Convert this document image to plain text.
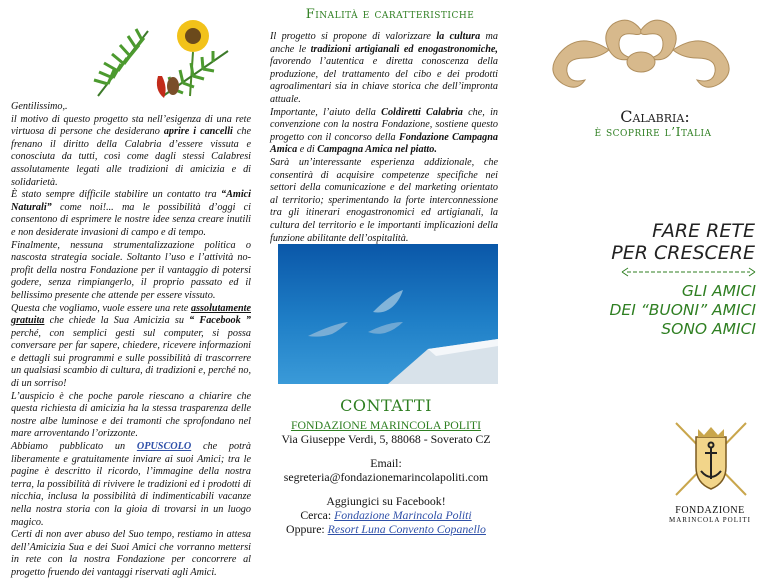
Gentilissimo,.

il motivo di questo progetto sta nell’esigenza di una rete virtuosa di persone che desiderano aprire i cancelli che frenano il diritto della Calabria d’essere vissuta e conosciuta da tutti, così come dagli stessi Calabresi assolutamente legati alle tradizioni di amicizia e di solidarietà.

È stato sempre difficile stabilire un contatto tra “Amici Naturali” come noi!... ma le possibilità d’oggi ci consentono di esprimere le nostre idee senza creare inutili e non desiderate invasioni di campo e di tempo.

Finalmente, nessuna strumentalizzazione politica o nascosta strategia sociale. Soltanto l’uso e l’attività no-profit della nostra Fondazione per il vantaggio di potersi godere, senza rimpiangerlo, il proprio passato ed il bellissimo presente che attende per essere vissuto.

Questa che vogliamo, vuole essere una rete assolutamente gratuita che chiede la Sua Amicizia su “ Facebook ” perché, con semplici gesti sul computer, si possa conversare per far sapere, chiedere, ricevere informazioni e dettagli sui programmi e sulle possibilità di trascorrere un qualsiasi scambio di cultura, di tradizioni e, perché no, di un sorriso!

L’auspicio è che poche parole riescano a chiarire che questa richiesta di amicizia ha la stessa trasparenza delle nostre albe luminose e dei tramonti che sprofondano nel mare arroventando l’orizzonte.

Abbiamo pubblicato un OPUSCOLO che potrà liberamente e gratuitamente inviare ai suoi Amici; tra le pagine è descritto il ricordo, l’immagine della nostra terra, la possibilità di rivivere le tradizioni ed i prodotti di nicchia, inclusa la possibilità di indimenticabili vacanze nella nostra storia con la gioia di trovarsi in un luogo magico.

Certi di non aver abuso del Suo tempo, restiamo in attesa dell’Amicizia Sua e dei Suoi Amici che vorranno mettersi in rete con la nostra Fondazione per concorrere al progetto fruendo dei vantaggi riservati agli Amici.

Finalità e caratteristiche

Il progetto si propone di valorizzare la cultura ma anche le tradizioni artigianali ed enogastronomiche, favorendo l’autentica e diretta conoscenza della produzione, del trattamento del cibo e dei prodotti agroalimentari sia in chiave storica che dell’impronta attuale.

Importante, l’aiuto della Coldiretti Calabria che, in convenzione con la nostra Fondazione, sostiene questo progetto con il concorso della Fondazione Campagna Amica e di Campagna Amica nel piatto.

Sarà un’interessante esperienza addizionale, che consentirà di acquisire competenze specifiche nei settori della comunicazione e del marketing orientato al territorio; sperimentando la forte interconnessione tra gli itinerari enogastronomici ed artigianali, la cultura del territorio e le importanti implicazioni della funzione abilitante dell’ospitalità.

CONTATTI
FONDAZIONE MARINCOLA POLITI
Via Giuseppe Verdi, 5, 88068 - Soverato CZ
Email:
segreteria@fondazionemarincolapoliti.com
Aggiungici su Facebook!
Cerca: Fondazione Marincola Politi
Oppure: Resort Luna Convento Copanello
Calabria:
è scoprire l’Italia
FARE RETE
PER CRESCERE
GLI AMICI
DEI “BUONI” AMICI
SONO AMICI
FONDAZIONE
MARINCOLA POLITI
